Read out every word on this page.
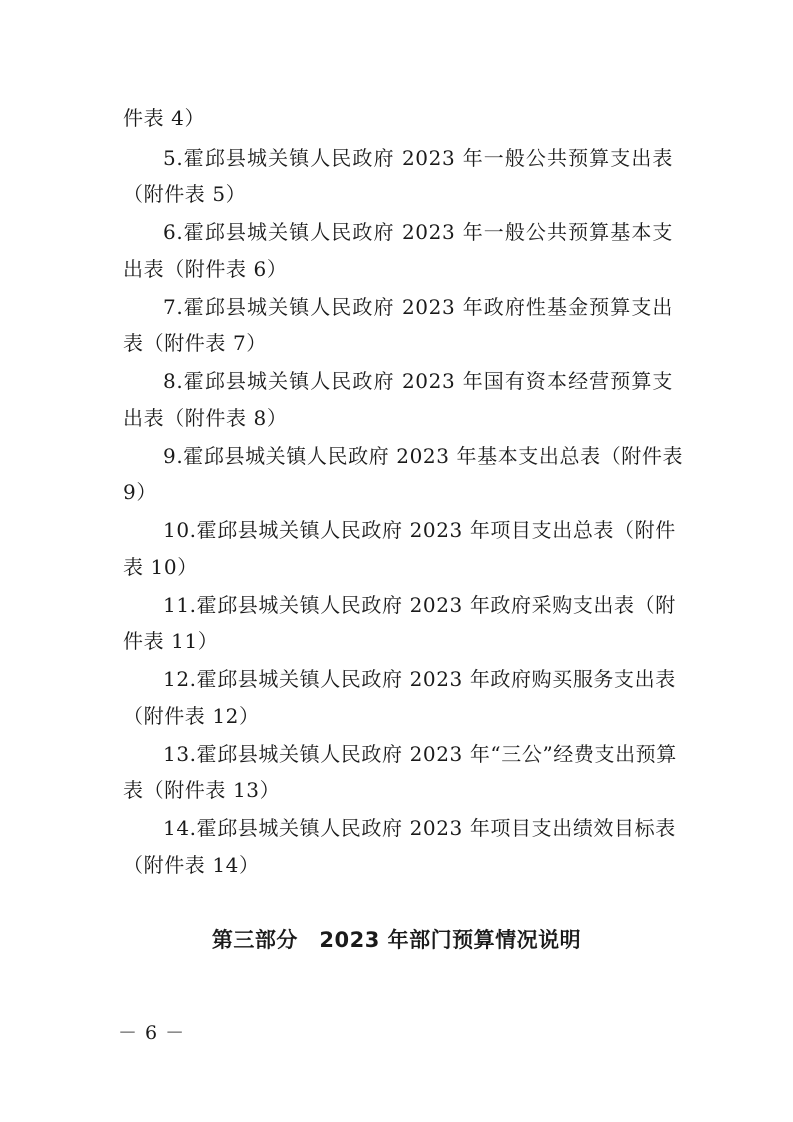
件表 4）
5.霍邱县城关镇人民政府 2023 年一般公共预算支出表
（附件表 5）
6.霍邱县城关镇人民政府 2023 年一般公共预算基本支
出表（附件表 6）
7.霍邱县城关镇人民政府 2023 年政府性基金预算支出
表（附件表 7）
8.霍邱县城关镇人民政府 2023 年国有资本经营预算支
出表（附件表 8）
9.霍邱县城关镇人民政府 2023 年基本支出总表（附件表
9）
10.霍邱县城关镇人民政府 2023 年项目支出总表（附件
表 10）
11.霍邱县城关镇人民政府 2023 年政府采购支出表（附
件表 11）
12.霍邱县城关镇人民政府 2023 年政府购买服务支出表
（附件表 12）
13.霍邱县城关镇人民政府 2023 年“三公”经费支出预算
表（附件表 13）
14.霍邱县城关镇人民政府 2023 年项目支出绩效目标表
（附件表 14）
第三部分　2023 年部门预算情况说明
－ 6 －
